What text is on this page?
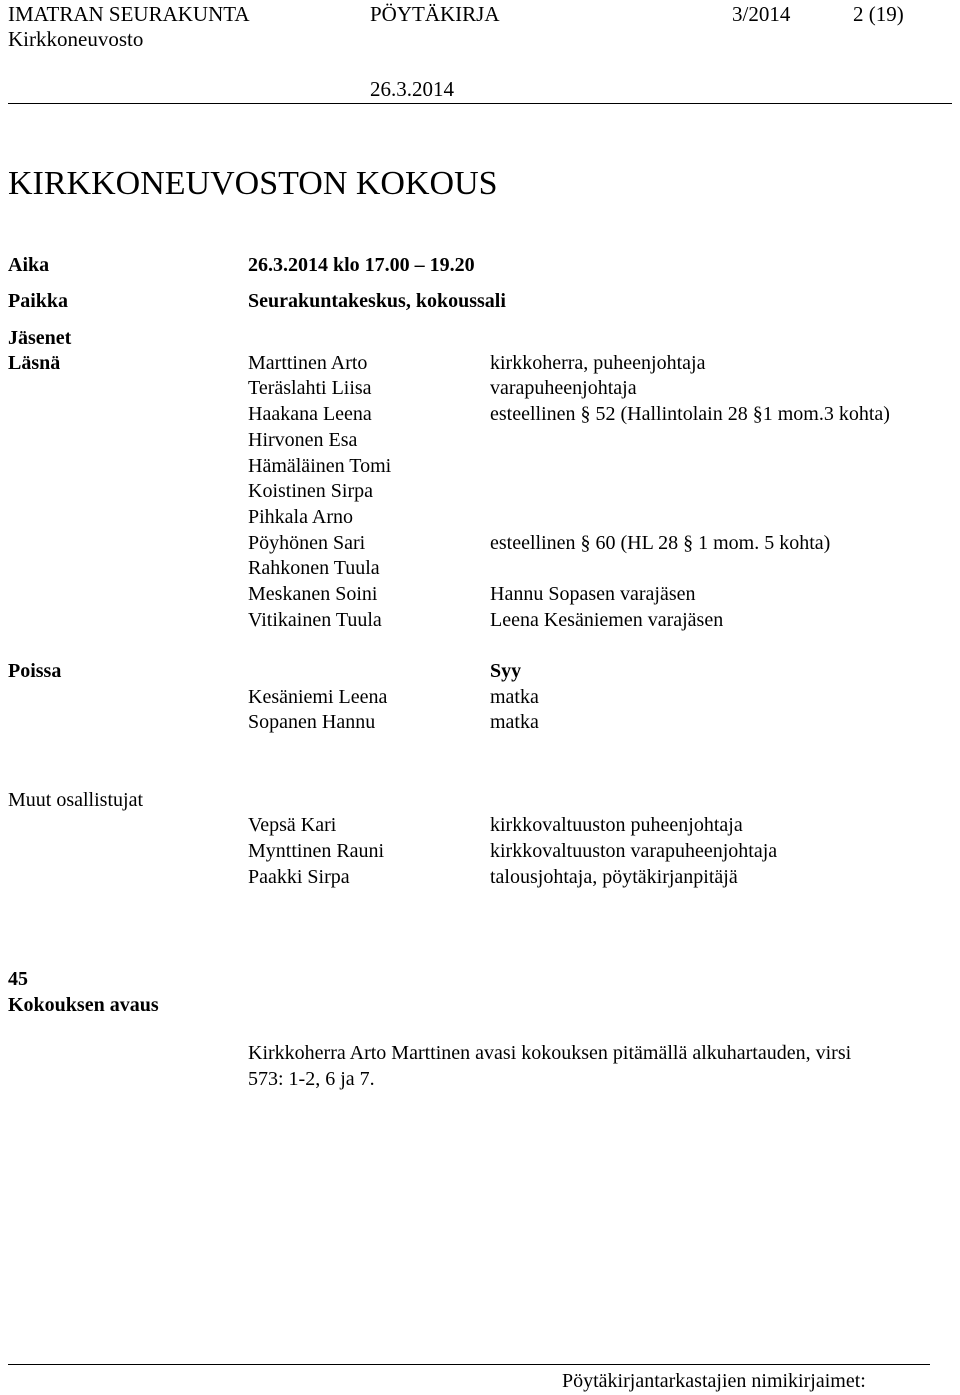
IMATRAN SEURAKUNTA	PÖYTÄKIRJA	3/2014	2 (19)
Kirkkoneuvosto
26.3.2014
KIRKKONEUVOSTON KOKOUS
Aika	26.3.2014 klo 17.00 – 19.20
Paikka	Seurakuntakeskus, kokoussali
Jäsenet
Läsnä	Marttinen Arto	kirkkoherra, puheenjohtaja
Teräslahti Liisa	varapuheenjohtaja
Haakana Leena	esteellinen § 52 (Hallintolain 28 §1 mom.3 kohta)
Hirvonen Esa
Hämäläinen Tomi
Koistinen Sirpa
Pihkala Arno
Pöyhönen Sari	esteellinen § 60 (HL 28 § 1 mom. 5 kohta)
Rahkonen Tuula
Meskanen Soini	Hannu Sopasen varajäsen
Vitikainen Tuula	Leena Kesäniemen varajäsen
Poissa	Syy
Kesäniemi Leena	matka
Sopanen Hannu	matka
Muut osallistujat
Vepsä Kari	kirkkovaltuuston puheenjohtaja
Mynttinen Rauni	kirkkovaltuuston varapuheenjohtaja
Paakki Sirpa	talousjohtaja, pöytäkirjanpitäjä
45
Kokouksen avaus
Kirkkoherra Arto Marttinen avasi kokouksen pitämällä alkuhartauden, virsi
573: 1-2, 6 ja 7.
Pöytäkirjantarkastajien nimikirjaimet:
